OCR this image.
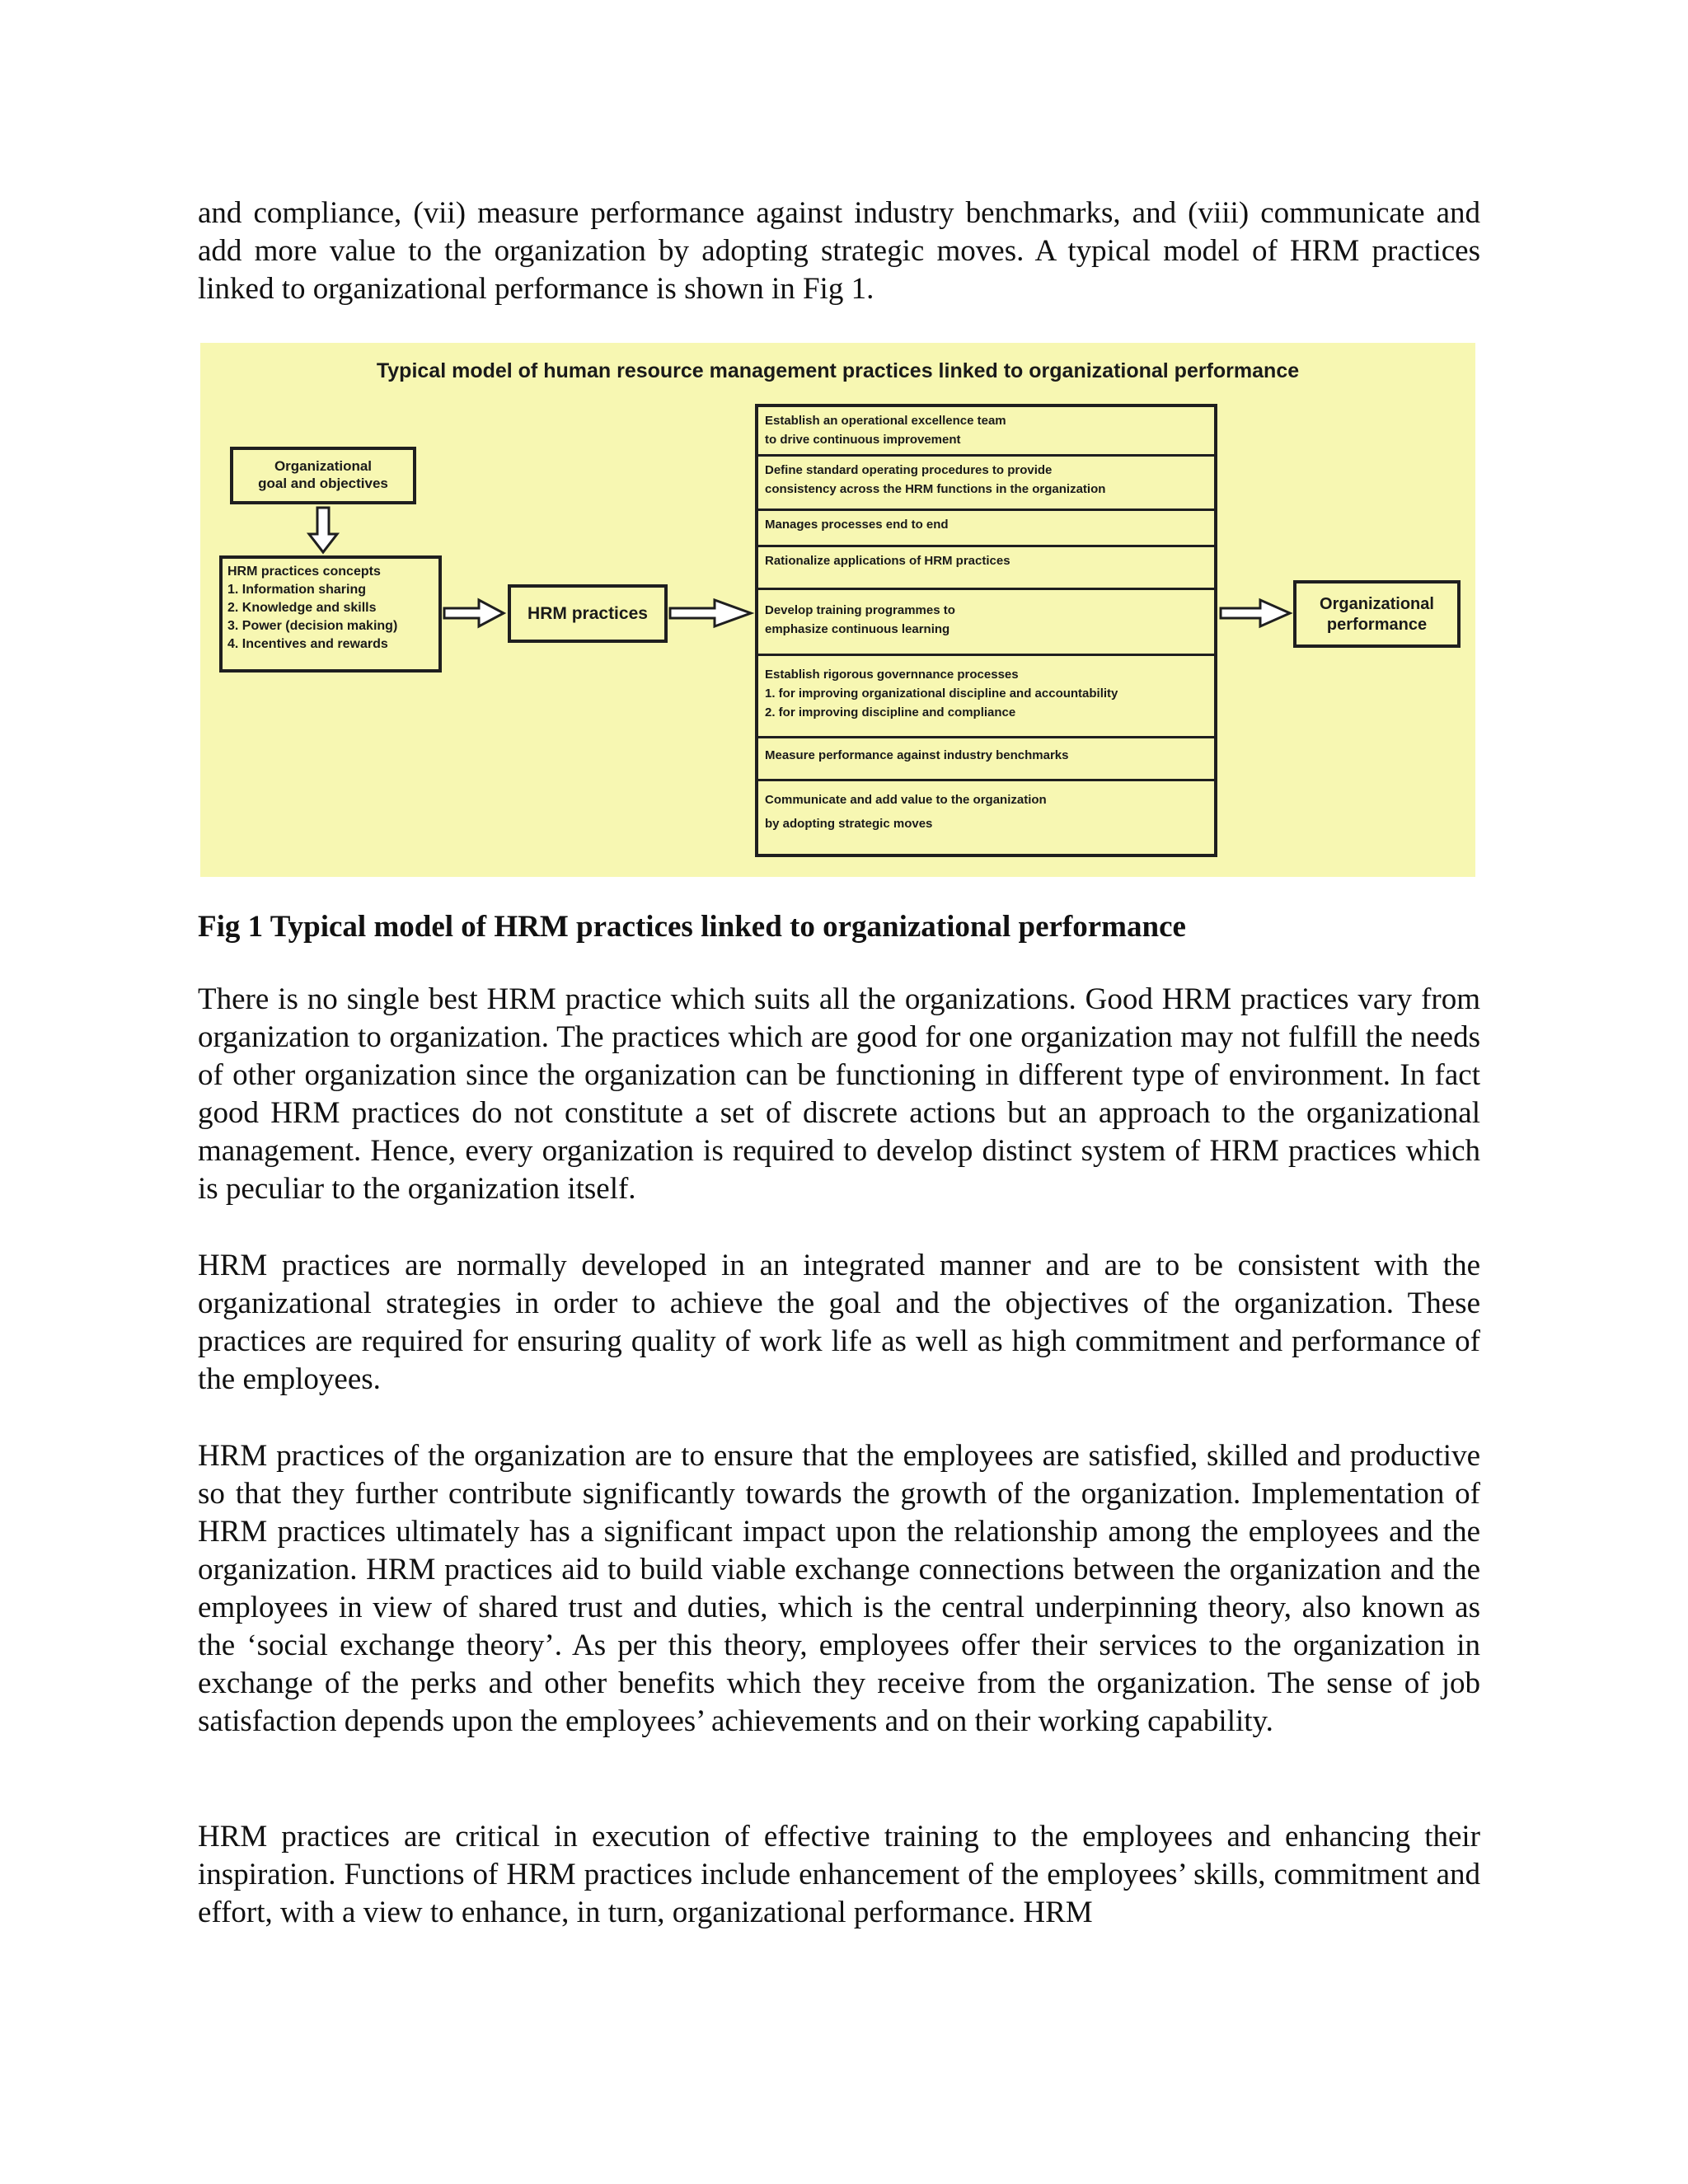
and compliance, (vii) measure performance against industry benchmarks, and (viii) communicate and add more value to the organization by adopting strategic moves. A typical model of HRM practices linked to organizational performance is shown in Fig 1.

Typical model of human resource management practices linked to organizational performance
Organizational
goal and objectives
HRM practices concepts
1. Information sharing
2. Knowledge and skills
3. Power (decision making)
4. Incentives and rewards
HRM practices
Establish an operational excellence team
to drive continuous improvement
Define standard operating procedures to provide
consistency across the HRM functions in the organization
Manages processes end to end
Rationalize applications of HRM practices
Develop training programmes to
emphasize continuous learning
Establish rigorous governnance processes
1. for improving organizational discipline and accountability
2. for improving discipline and compliance
Measure performance against industry benchmarks
Communicate and add value to the organization
by adopting strategic moves
Organizational
performance

Fig 1 Typical model of HRM practices linked to organizational performance

There is no single best HRM practice which suits all the organizations. Good HRM practices vary from organization to organization. The practices which are good for one organization may not fulfill the needs of other organization since the organization can be functioning in different type of environment. In fact good HRM practices do not constitute a set of discrete actions but an approach to the organizational management. Hence, every organization is required to develop distinct system of HRM practices which is peculiar to the organization itself.

HRM practices are normally developed in an integrated manner and are to be consistent with the organizational strategies in order to achieve the goal and the objectives of the organization. These practices are required for ensuring quality of work life as well as high commitment and performance of the employees.

HRM practices of the organization are to ensure that the employees are satisfied, skilled and productive so that they further contribute significantly towards the growth of the organization. Implementation of HRM practices ultimately has a significant impact upon the relationship among the employees and the organization. HRM practices aid to build viable exchange connections between the organization and the employees in view of shared trust and duties, which is the central underpinning theory, also known as the ‘social exchange theory’. As per this theory, employees offer their services to the organization in exchange of the perks and other benefits which they receive from the organization. The sense of job satisfaction depends upon the employees’ achievements and on their working capability.

HRM practices are critical in execution of effective training to the employees and enhancing their inspiration. Functions of HRM practices include enhancement of the employees’ skills, commitment and effort, with a view to enhance, in turn, organizational performance. HRM
